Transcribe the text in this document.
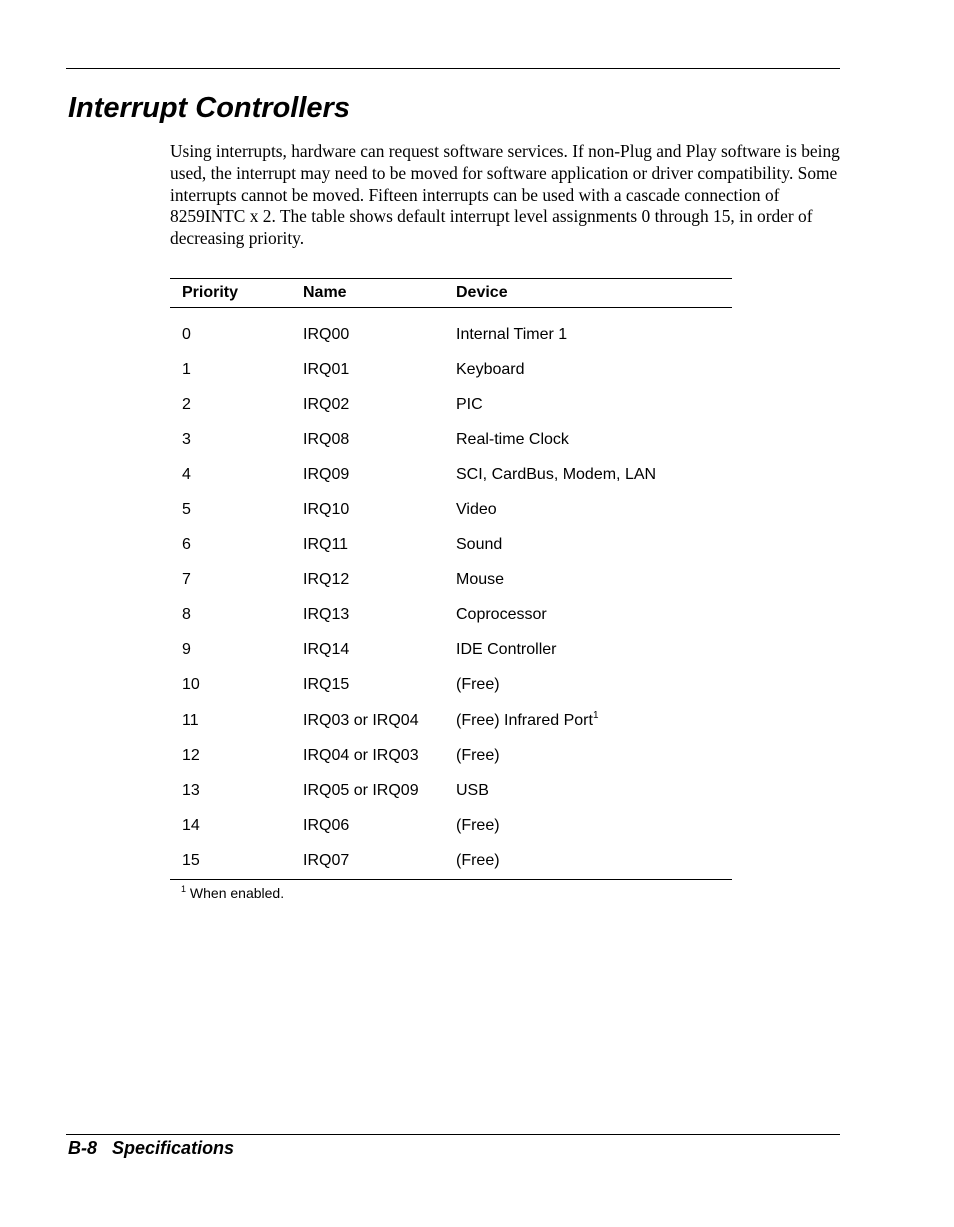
Interrupt Controllers

Using interrupts, hardware can request software services. If non-Plug and Play software is being used, the interrupt may need to be moved for software application or driver compatibility. Some interrupts cannot be moved. Fifteen interrupts can be used with a cascade connection of 8259INTC x 2. The table shows default interrupt level assignments 0 through 15, in order of decreasing priority.

Priority	Name	Device

0	IRQ00	Internal Timer 1
1	IRQ01	Keyboard
2	IRQ02	PIC
3	IRQ08	Real-time Clock
4	IRQ09	SCI, CardBus, Modem, LAN
5	IRQ10	Video
6	IRQ11	Sound
7	IRQ12	Mouse
8	IRQ13	Coprocessor
9	IRQ14	IDE Controller
10	IRQ15	(Free)
11	IRQ03 or IRQ04	(Free) Infrared Port$^1$
12	IRQ04 or IRQ03	(Free)
13	IRQ05 or IRQ09	USB
14	IRQ06	(Free)
15	IRQ07	(Free)
$^1$ When enabled.
B-8 Specifications
